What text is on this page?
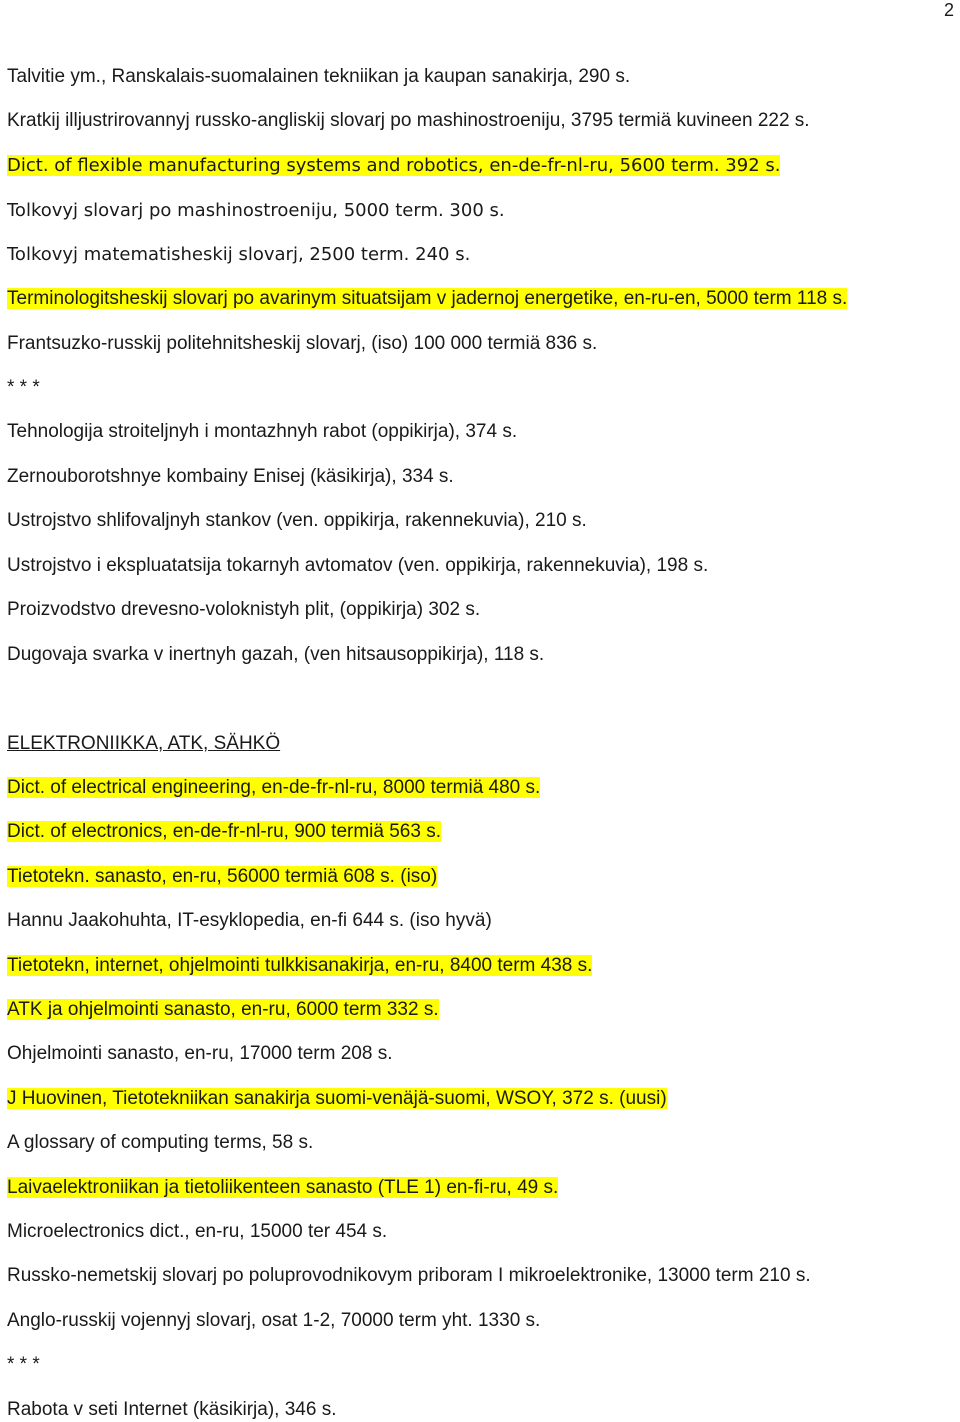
2
Talvitie ym., Ranskalais-suomalainen tekniikan ja kaupan sanakirja, 290 s.
Kratkij illjustrirovannyj russko-angliskij slovarj po mashinostroeniju, 3795 termiä kuvineen 222 s.
Dict. of flexible manufacturing systems and robotics, en-de-fr-nl-ru, 5600 term. 392 s.
Tolkovyj slovarj po mashinostroeniju, 5000 term. 300 s.
Tolkovyj matematisheskij slovarj, 2500 term. 240 s.
Terminologitsheskij slovarj po avarinym situatsijam v jadernoj energetike, en-ru-en, 5000 term 118 s.
Frantsuzko-russkij politehnitsheskij slovarj, (iso) 100 000 termiä 836 s.
* * *
Tehnologija stroiteljnyh i montazhnyh rabot (oppikirja), 374 s.
Zernouborotshnye kombainy Enisej (käsikirja), 334 s.
Ustrojstvo shlifovaljnyh stankov (ven. oppikirja, rakennekuvia), 210 s.
Ustrojstvo i ekspluatatsija tokarnyh avtomatov (ven. oppikirja, rakennekuvia), 198 s.
Proizvodstvo drevesno-voloknistyh plit, (oppikirja) 302 s.
Dugovaja svarka v inertnyh gazah, (ven hitsausoppikirja), 118 s.
ELEKTRONIIKKA, ATK, SÄHKÖ
Dict. of electrical engineering, en-de-fr-nl-ru, 8000 termiä 480 s.
Dict. of electronics, en-de-fr-nl-ru, 900 termiä 563 s.
Tietotekn. sanasto, en-ru, 56000 termiä 608 s. (iso)
Hannu Jaakohuhta, IT-esyklopedia, en-fi 644 s. (iso hyvä)
Tietotekn, internet, ohjelmointi tulkkisanakirja, en-ru, 8400 term 438 s.
ATK ja ohjelmointi sanasto, en-ru, 6000 term 332 s.
Ohjelmointi sanasto, en-ru, 17000 term 208 s.
J Huovinen, Tietotekniikan sanakirja suomi-venäjä-suomi, WSOY, 372 s. (uusi)
A glossary of computing terms, 58 s.
Laivaelektroniikan ja tietoliikenteen sanasto (TLE 1) en-fi-ru, 49 s.
Microelectronics dict., en-ru, 15000 ter 454 s.
Russko-nemetskij slovarj po poluprovodnikovym priboram I mikroelektronike, 13000 term 210 s.
Anglo-russkij vojennyj slovarj, osat 1-2, 70000 term yht. 1330 s.
* * *
Rabota v seti Internet (käsikirja), 346 s.
